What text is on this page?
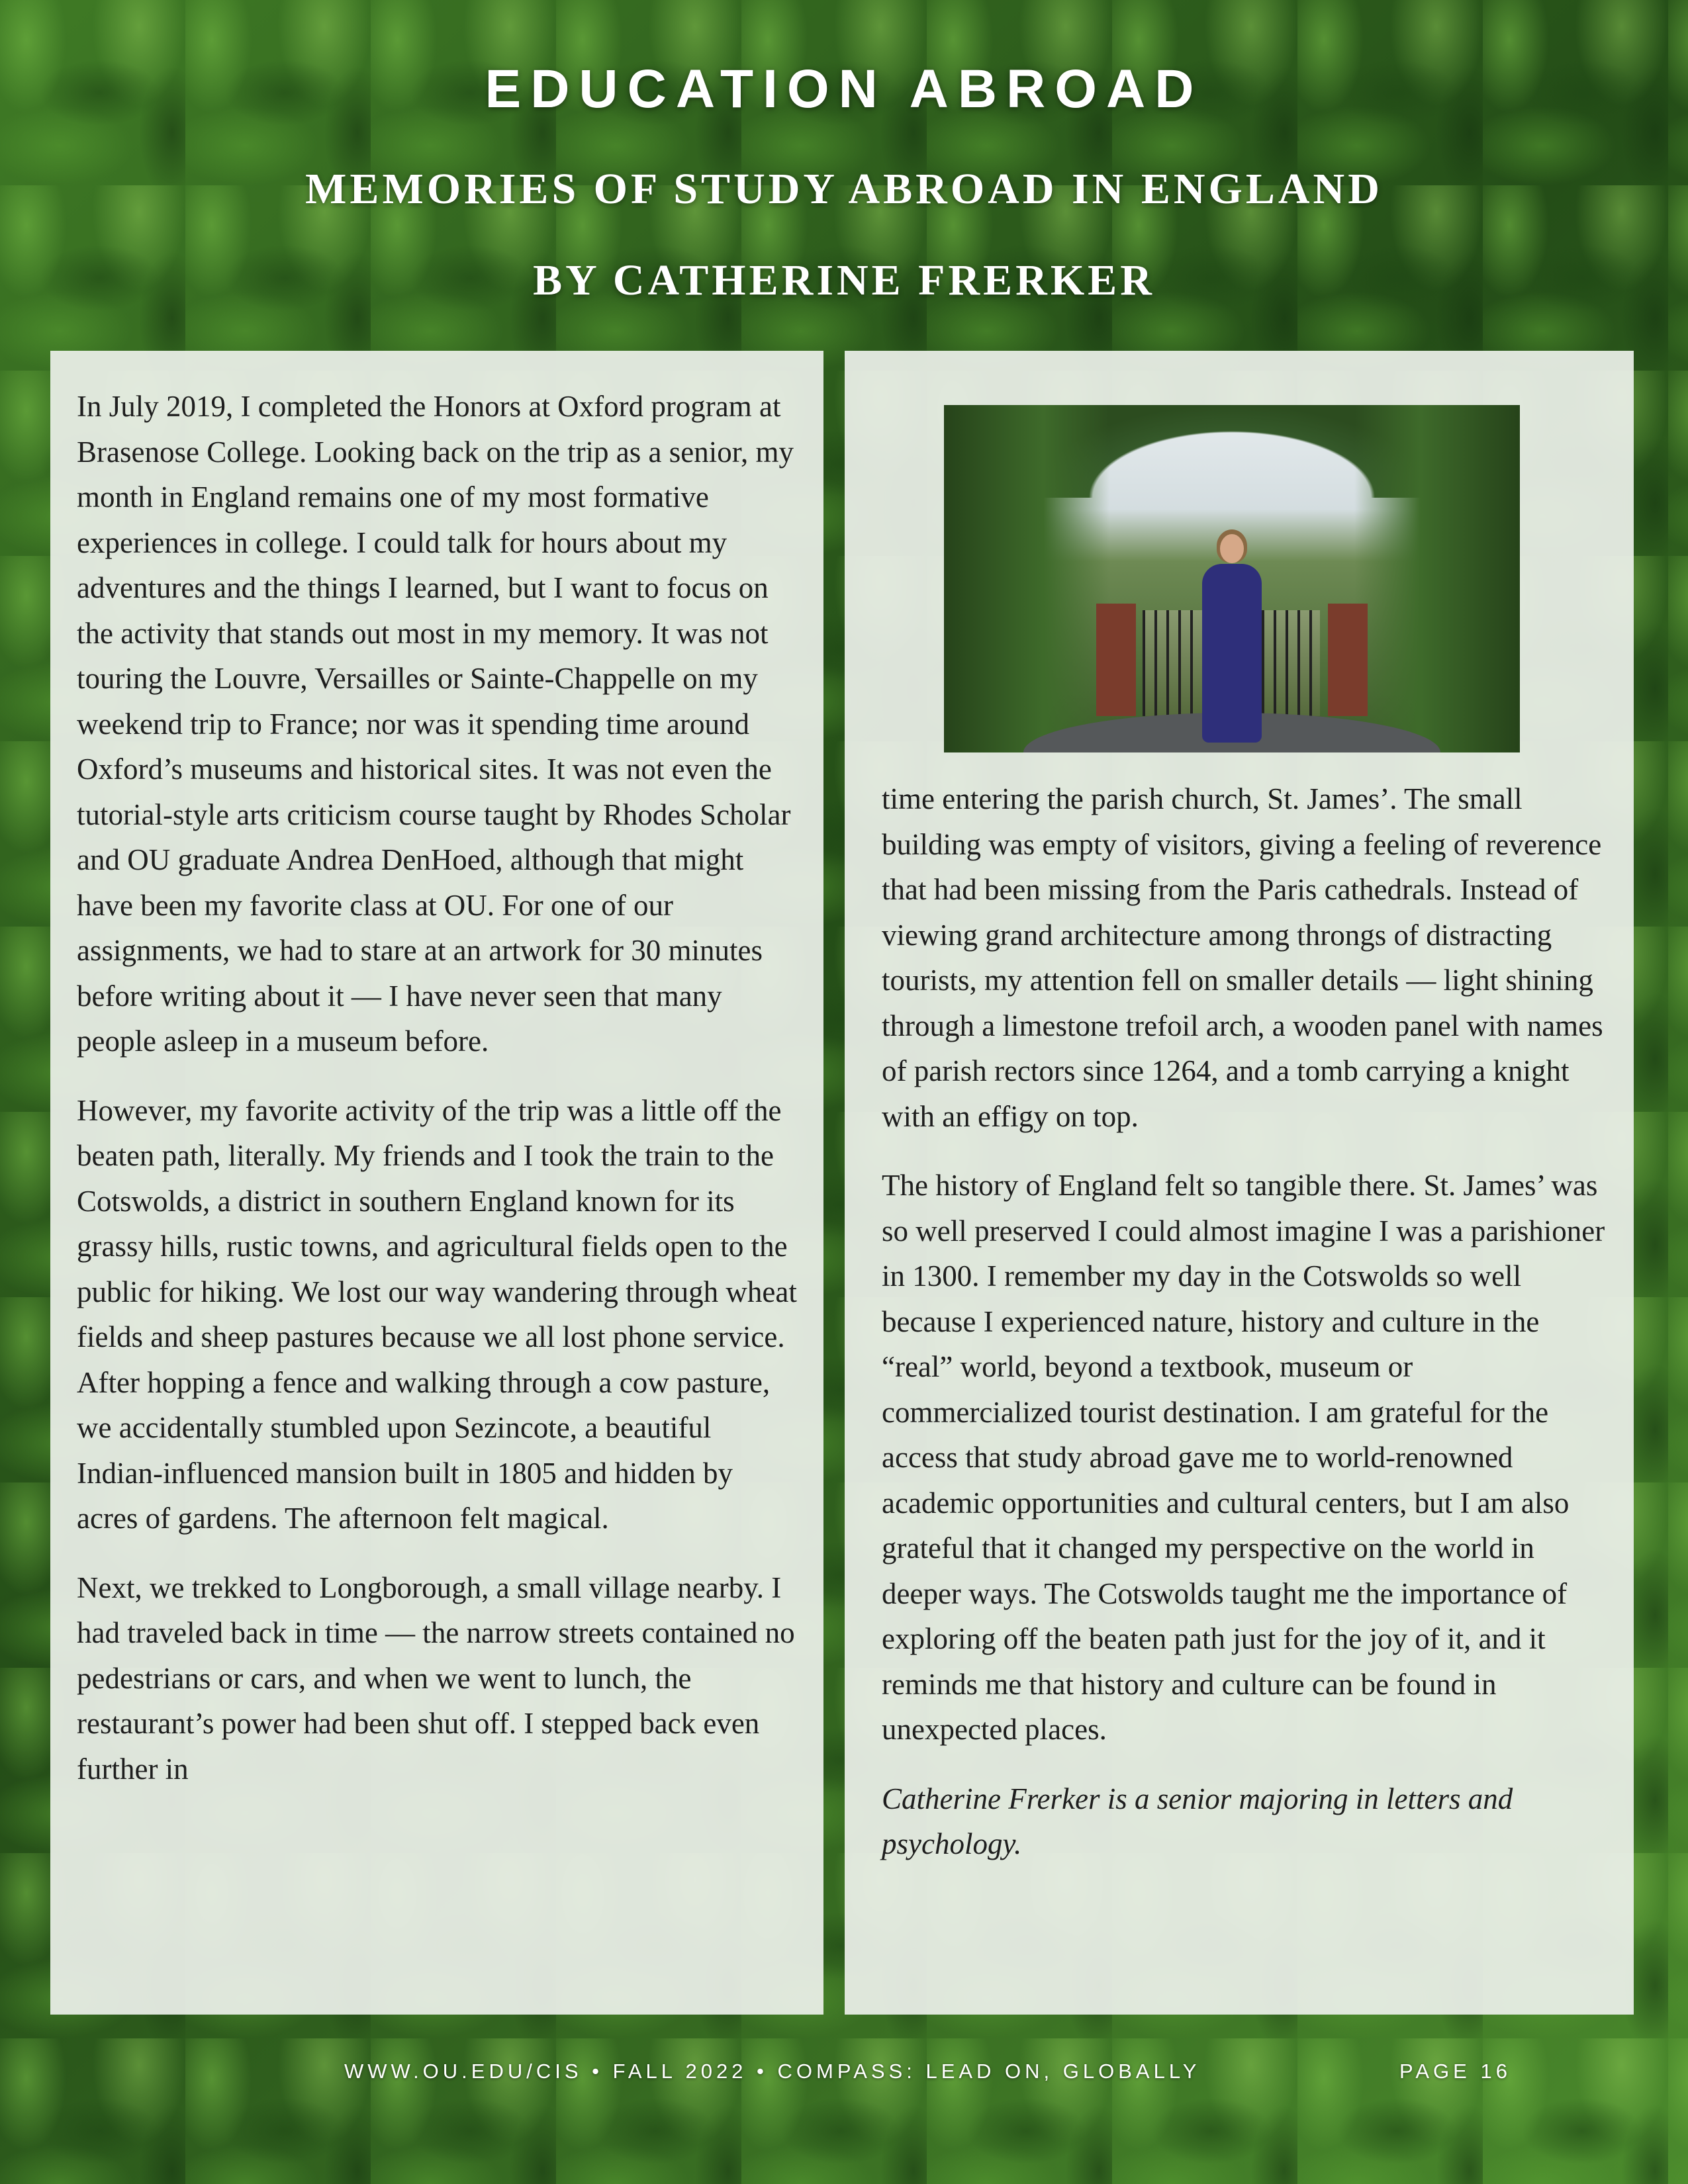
EDUCATION ABROAD
MEMORIES OF STUDY ABROAD IN ENGLAND
BY CATHERINE FRERKER

In July 2019, I completed the Honors at Oxford program at Brasenose College. Looking back on the trip as a senior, my month in England remains one of my most formative experiences in college. I could talk for hours about my adventures and the things I learned, but I want to focus on the activity that stands out most in my memory. It was not touring the Louvre, Versailles or Sainte-Chappelle on my weekend trip to France; nor was it spending time around Oxford’s museums and historical sites. It was not even the tutorial-style arts criticism course taught by Rhodes Scholar and OU graduate Andrea DenHoed, although that might have been my favorite class at OU. For one of our assignments, we had to stare at an artwork for 30 minutes before writing about it — I have never seen that many people asleep in a museum before.

However, my favorite activity of the trip was a little off the beaten path, literally. My friends and I took the train to the Cotswolds, a district in southern England known for its grassy hills, rustic towns, and agricultural fields open to the public for hiking. We lost our way wandering through wheat fields and sheep pastures because we all lost phone service. After hopping a fence and walking through a cow pasture, we accidentally stumbled upon Sezincote, a beautiful Indian-influenced mansion built in 1805 and hidden by acres of gardens. The afternoon felt magical.

Next, we trekked to Longborough, a small village nearby. I had traveled back in time — the narrow streets contained no pedestrians or cars, and when we went to lunch, the restaurant’s power had been shut off. I stepped back even further in

time entering the parish church, St. James’. The small building was empty of visitors, giving a feeling of reverence that had been missing from the Paris cathedrals. Instead of viewing grand architecture among throngs of distracting tourists, my attention fell on smaller details — light shining through a limestone trefoil arch, a wooden panel with names of parish rectors since 1264, and a tomb carrying a knight with an effigy on top.

The history of England felt so tangible there. St. James’ was so well preserved I could almost imagine I was a parishioner in 1300. I remember my day in the Cotswolds so well because I experienced nature, history and culture in the “real” world, beyond a textbook, museum or commercialized tourist destination. I am grateful for the access that study abroad gave me to world-renowned academic opportunities and cultural centers, but I am also grateful that it changed my perspective on the world in deeper ways. The Cotswolds taught me the importance of exploring off the beaten path just for the joy of it, and it reminds me that history and culture can be found in unexpected places.

Catherine Frerker is a senior majoring in letters and psychology.

WWW.OU.EDU/CIS • FALL 2022 • COMPASS: LEAD ON, GLOBALLY	PAGE 16
